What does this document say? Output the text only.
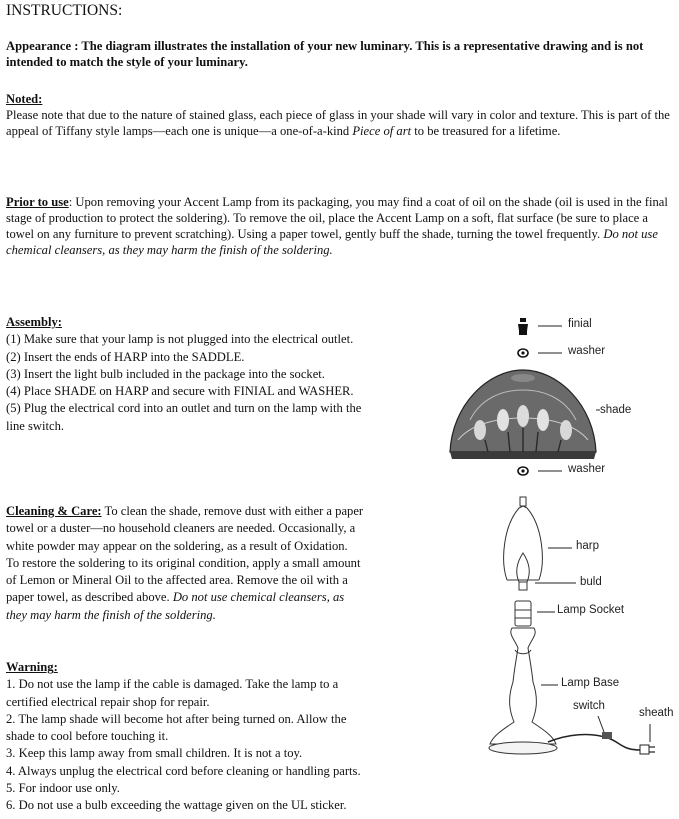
INSTRUCTIONS:
Appearance : The diagram illustrates the installation of your new luminary. This is a representative drawing and is not intended to match the style of your luminary.
Noted:
Please note that due to the nature of stained glass, each piece of glass in your shade will vary in color and texture. This is part of the appeal of Tiffany style lamps—each one is unique—a one-of-a-kind Piece of art to be treasured for a lifetime.
Prior to use: Upon removing your Accent Lamp from its packaging, you may find a coat of oil on the shade (oil is used in the final stage of production to protect the soldering). To remove the oil, place the Accent Lamp on a soft, flat surface (be sure to place a towel on any furniture to prevent scratching). Using a paper towel, gently buff the shade, turning the towel frequently. Do not use chemical cleansers, as they may harm the finish of the soldering.
Assembly:
(1) Make sure that your lamp is not plugged into the electrical outlet.
(2) Insert the ends of HARP into the SADDLE.
(3) Insert the light bulb included in the package into the socket.
(4) Place SHADE on HARP and secure with FINIAL and WASHER.
(5) Plug the electrical cord into an outlet and turn on the lamp with the
line switch.
Cleaning & Care: To clean the shade, remove dust with either a paper
towel or a duster—no household cleaners are needed. Occasionally, a
white powder may appear on the soldering, as a result of Oxidation.
To restore the soldering to its original condition, apply a small amount
of Lemon or Mineral Oil to the affected area. Remove the oil with a
paper towel, as described above. Do not use chemical cleansers, as
they may harm the finish of the soldering.
Warning:
1. Do not use the lamp if the cable is damaged. Take the lamp to a
certified electrical repair shop for repair.
2. The lamp shade will become hot after being turned on. Allow the
shade to cool before touching it.
3. Keep this lamp away from small children. It is not a toy.
4. Always unplug the electrical cord before cleaning or handling parts.
5. For indoor use only.
6. Do not use a bulb exceeding the wattage given on the UL sticker.
finial
washer
shade
washer
harp
buld
Lamp Socket
Lamp Base
switch
sheath
